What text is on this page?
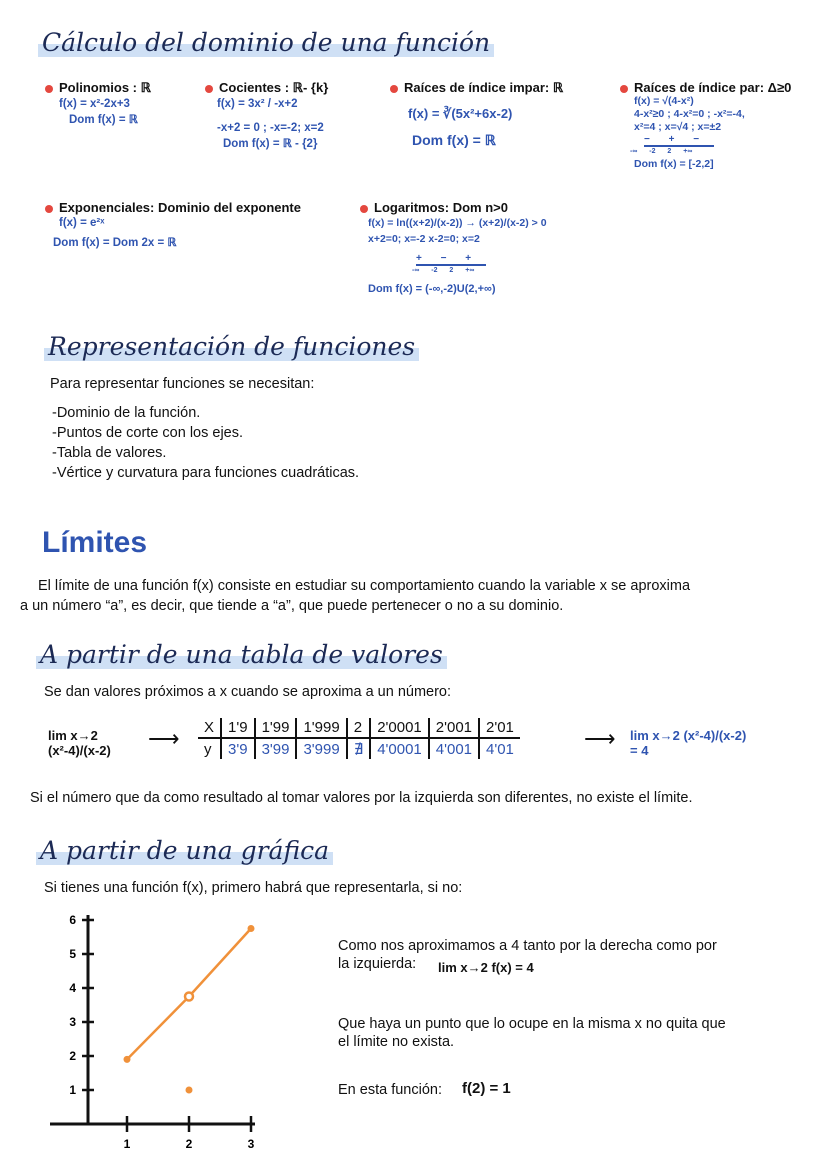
Cálculo del dominio de una función
Polinomios : ℝ
f(x) = x²-2x+3
Dom f(x) = ℝ
Cocientes : ℝ- {k}
f(x) = 3x² / -x+2
-x+2 = 0 ; -x=-2; x=2
Dom f(x) = ℝ - {2}
Raíces de índice impar: ℝ
f(x) = ∛(5x²+6x-2)
Dom f(x) = ℝ
Raíces de índice par: Δ≥0
f(x) = √(4-x²)
4-x²≥0 ; 4-x²=0 ; -x²=-4,
x²=4 ; x=√4 ; x=±2
− + −
-∞ -2 2 +∞
Dom f(x) = [-2,2]
Exponenciales: Dominio del exponente
f(x) = e²ˣ
Dom f(x) = Dom 2x = ℝ
Logaritmos: Dom n>0
f(x) = ln((x+2)/(x-2)) → (x+2)/(x-2) > 0
x+2=0; x=-2 x-2=0; x=2
+ − +
-∞ -2 2 +∞
Dom f(x) = (-∞,-2)U(2,+∞)
Representación de funciones
Para representar funciones se necesitan:
-Dominio de la función.
-Puntos de corte con los ejes.
-Tabla de valores.
-Vértice y curvatura para funciones cuadráticas.
Límites
El límite de una función f(x) consiste en estudiar su comportamiento cuando la variable x se aproxima
a un número “a”, es decir, que tiende a “a”, que puede pertenecer o no a su dominio.
A partir de una tabla de valores
Se dan valores próximos a x cuando se aproxima a un número:
lim x→2 (x²-4)/(x-2)	⟶ X	1'9	1'99	1'999	2	2'0001	2'001	2'01
y	3'9	3'99	3'999	∄	4'0001	4'001	4'01	⟶ lim x→2 (x²-4)/(x-2) = 4
Si el número que da como resultado al tomar valores por la izquierda son diferentes, no existe el límite.
A partir de una gráfica
Si tienes una función f(x), primero habrá que representarla, si no:
1	2	3
1
2
3
4
5
6
Como nos aproximamos a 4 tanto por la derecha como por
la izquierda: lim x→2 f(x) = 4
Que haya un punto que lo ocupe en la misma x no quita que
el límite no exista.
En esta función: f(2) = 1
